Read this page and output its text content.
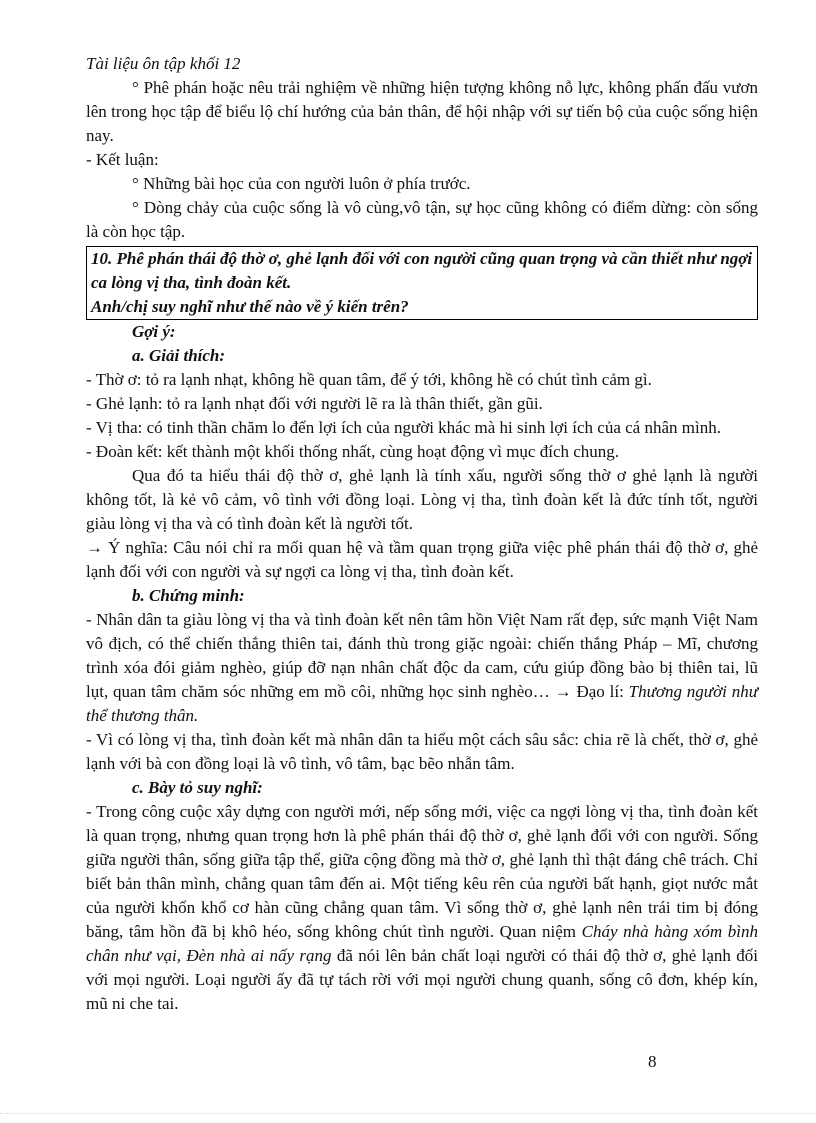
Tài liệu ôn tập khối 12

° Phê phán hoặc nêu trải nghiệm về những hiện tượng không nỗ lực, không phấn đấu vươn lên trong học tập để biểu lộ chí hướng của bản thân, để hội nhập với sự tiến bộ của cuộc sống hiện nay.

- Kết luận:

° Những bài học của con người luôn ở phía trước.

° Dòng chảy của cuộc sống là vô cùng,vô tận, sự học cũng không có điểm dừng: còn sống là còn học tập.

10. Phê phán thái độ thờ ơ, ghẻ lạnh đối với con người cũng quan trọng và cần thiết như ngợi ca lòng vị tha, tình đoàn kết.

Anh/chị suy nghĩ như thế nào về ý kiến trên?

Gợi ý:

a. Giải thích:

- Thờ ơ: tỏ ra lạnh nhạt, không hề quan tâm, để ý tới, không hề có chút tình cảm gì.

- Ghẻ lạnh: tỏ ra lạnh nhạt đối với người lẽ ra là thân thiết, gần gũi.

- Vị tha: có tinh thần chăm lo đến lợi ích của người khác mà hi sinh lợi ích của cá nhân mình.

- Đoàn kết: kết thành một khối thống nhất, cùng hoạt động vì mục đích chung.

Qua đó ta hiểu thái độ thờ ơ, ghẻ lạnh là tính xấu, người sống thờ ơ ghẻ lạnh là người không tốt, là kẻ vô cảm, vô tình với đồng loại. Lòng vị tha, tình đoàn kết là đức tính tốt, người giàu lòng vị tha và có tình đoàn kết là người tốt.

→ Ý nghĩa: Câu nói chỉ ra mối quan hệ và tầm quan trọng giữa việc phê phán thái độ thờ ơ, ghẻ lạnh đối với con người và sự ngợi ca lòng vị tha, tình đoàn kết.

b. Chứng minh:

- Nhân dân ta giàu lòng vị tha và tình đoàn kết nên tâm hồn Việt Nam rất đẹp, sức mạnh Việt Nam vô địch, có thể chiến thắng thiên tai, đánh thù trong giặc ngoài: chiến thắng Pháp – Mĩ, chương trình xóa đói giảm nghèo, giúp đỡ nạn nhân chất độc da cam, cứu giúp đồng bào bị thiên tai, lũ lụt, quan tâm chăm sóc những em mồ côi, những học sinh nghèo… → Đạo lí: Thương người như thể thương thân.

- Vì có lòng vị tha, tình đoàn kết mà nhân dân ta hiểu một cách sâu sắc: chia rẽ là chết, thờ ơ, ghẻ lạnh với bà con đồng loại là vô tình, vô tâm, bạc bẽo nhẫn tâm.

c. Bày tỏ suy nghĩ:

- Trong công cuộc xây dựng con người mới, nếp sống mới, việc ca ngợi lòng vị tha, tình đoàn kết là quan trọng, nhưng quan trọng hơn là phê phán thái độ thờ ơ, ghẻ lạnh đối với con người. Sống giữa người thân, sống giữa tập thể, giữa cộng đồng mà thờ ơ, ghẻ lạnh thì thật đáng chê trách. Chỉ biết bản thân mình, chẳng quan tâm đến ai. Một tiếng kêu rên của người bất hạnh, giọt nước mắt của người khốn khổ cơ hàn cũng chẳng quan tâm. Vì sống thờ ơ, ghẻ lạnh nên trái tim bị đóng băng, tâm hồn đã bị khô héo, sống không chút tình người. Quan niệm Cháy nhà hàng xóm bình chân như vại, Đèn nhà ai nấy rạng đã nói lên bản chất loại người có thái độ thờ ơ, ghẻ lạnh đối với mọi người. Loại người ấy đã tự tách rời với mọi người chung quanh, sống cô đơn, khép kín, mũ ni che tai.

8
